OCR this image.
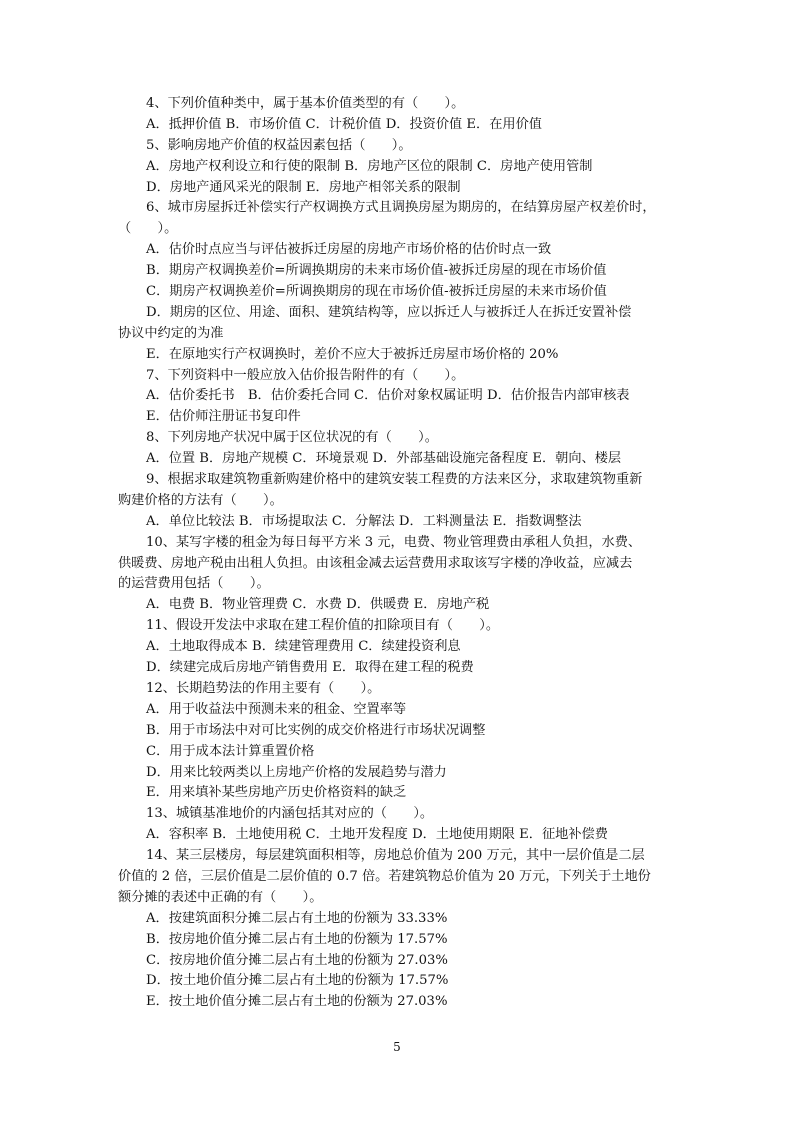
4、下列价值种类中，属于基本价值类型的有（　　）。
A．抵押价值 B．市场价值 C．计税价值 D．投资价值 E．在用价值
5、影响房地产价值的权益因素包括（　　）。
A．房地产权利设立和行使的限制 B．房地产区位的限制 C．房地产使用管制
D．房地产通风采光的限制 E．房地产相邻关系的限制
6、城市房屋拆迁补偿实行产权调换方式且调换房屋为期房的，在结算房屋产权差价时，
（　　）。
A．估价时点应当与评估被拆迁房屋的房地产市场价格的估价时点一致
B．期房产权调换差价=所调换期房的未来市场价值-被拆迁房屋的现在市场价值
C．期房产权调换差价=所调换期房的现在市场价值-被拆迁房屋的未来市场价值
D．期房的区位、用途、面积、建筑结构等，应以拆迁人与被拆迁人在拆迁安置补偿
协议中约定的为准
E．在原地实行产权调换时，差价不应大于被拆迁房屋市场价格的 20%
7、下列资料中一般应放入估价报告附件的有（　　）。
A．估价委托书　B．估价委托合同 C．估价对象权属证明 D．估价报告内部审核表
E．估价师注册证书复印件
8、下列房地产状况中属于区位状况的有（　　）。
A．位置 B．房地产规模 C．环境景观 D．外部基础设施完备程度 E．朝向、楼层
9、根据求取建筑物重新购建价格中的建筑安装工程费的方法来区分，求取建筑物重新
购建价格的方法有（　　）。
A．单位比较法 B．市场提取法 C．分解法 D．工料测量法 E．指数调整法
10、某写字楼的租金为每日每平方米 3 元，电费、物业管理费由承租人负担，水费、
供暖费、房地产税由出租人负担。由该租金减去运营费用求取该写字楼的净收益，应减去
的运营费用包括（　　）。
A．电费 B．物业管理费 C．水费 D．供暖费 E．房地产税
11、假设开发法中求取在建工程价值的扣除项目有（　　）。
A．土地取得成本 B．续建管理费用 C．续建投资利息
D．续建完成后房地产销售费用 E．取得在建工程的税费
12、长期趋势法的作用主要有（　　）。
A．用于收益法中预测未来的租金、空置率等
B．用于市场法中对可比实例的成交价格进行市场状况调整
C．用于成本法计算重置价格
D．用来比较两类以上房地产价格的发展趋势与潜力
E．用来填补某些房地产历史价格资料的缺乏
13、城镇基准地价的内涵包括其对应的（　　）。
A．容积率 B．土地使用税 C．土地开发程度 D．土地使用期限 E．征地补偿费
14、某三层楼房，每层建筑面积相等，房地总价值为 200 万元，其中一层价值是二层
价值的 2 倍，三层价值是二层价值的 0.7 倍。若建筑物总价值为 20 万元，下列关于土地份
额分摊的表述中正确的有（　　）。
A．按建筑面积分摊二层占有土地的份额为 33.33%
B．按房地价值分摊二层占有土地的份额为 17.57%
C．按房地价值分摊二层占有土地的份额为 27.03%
D．按土地价值分摊二层占有土地的份额为 17.57%
E．按土地价值分摊二层占有土地的份额为 27.03%
5
